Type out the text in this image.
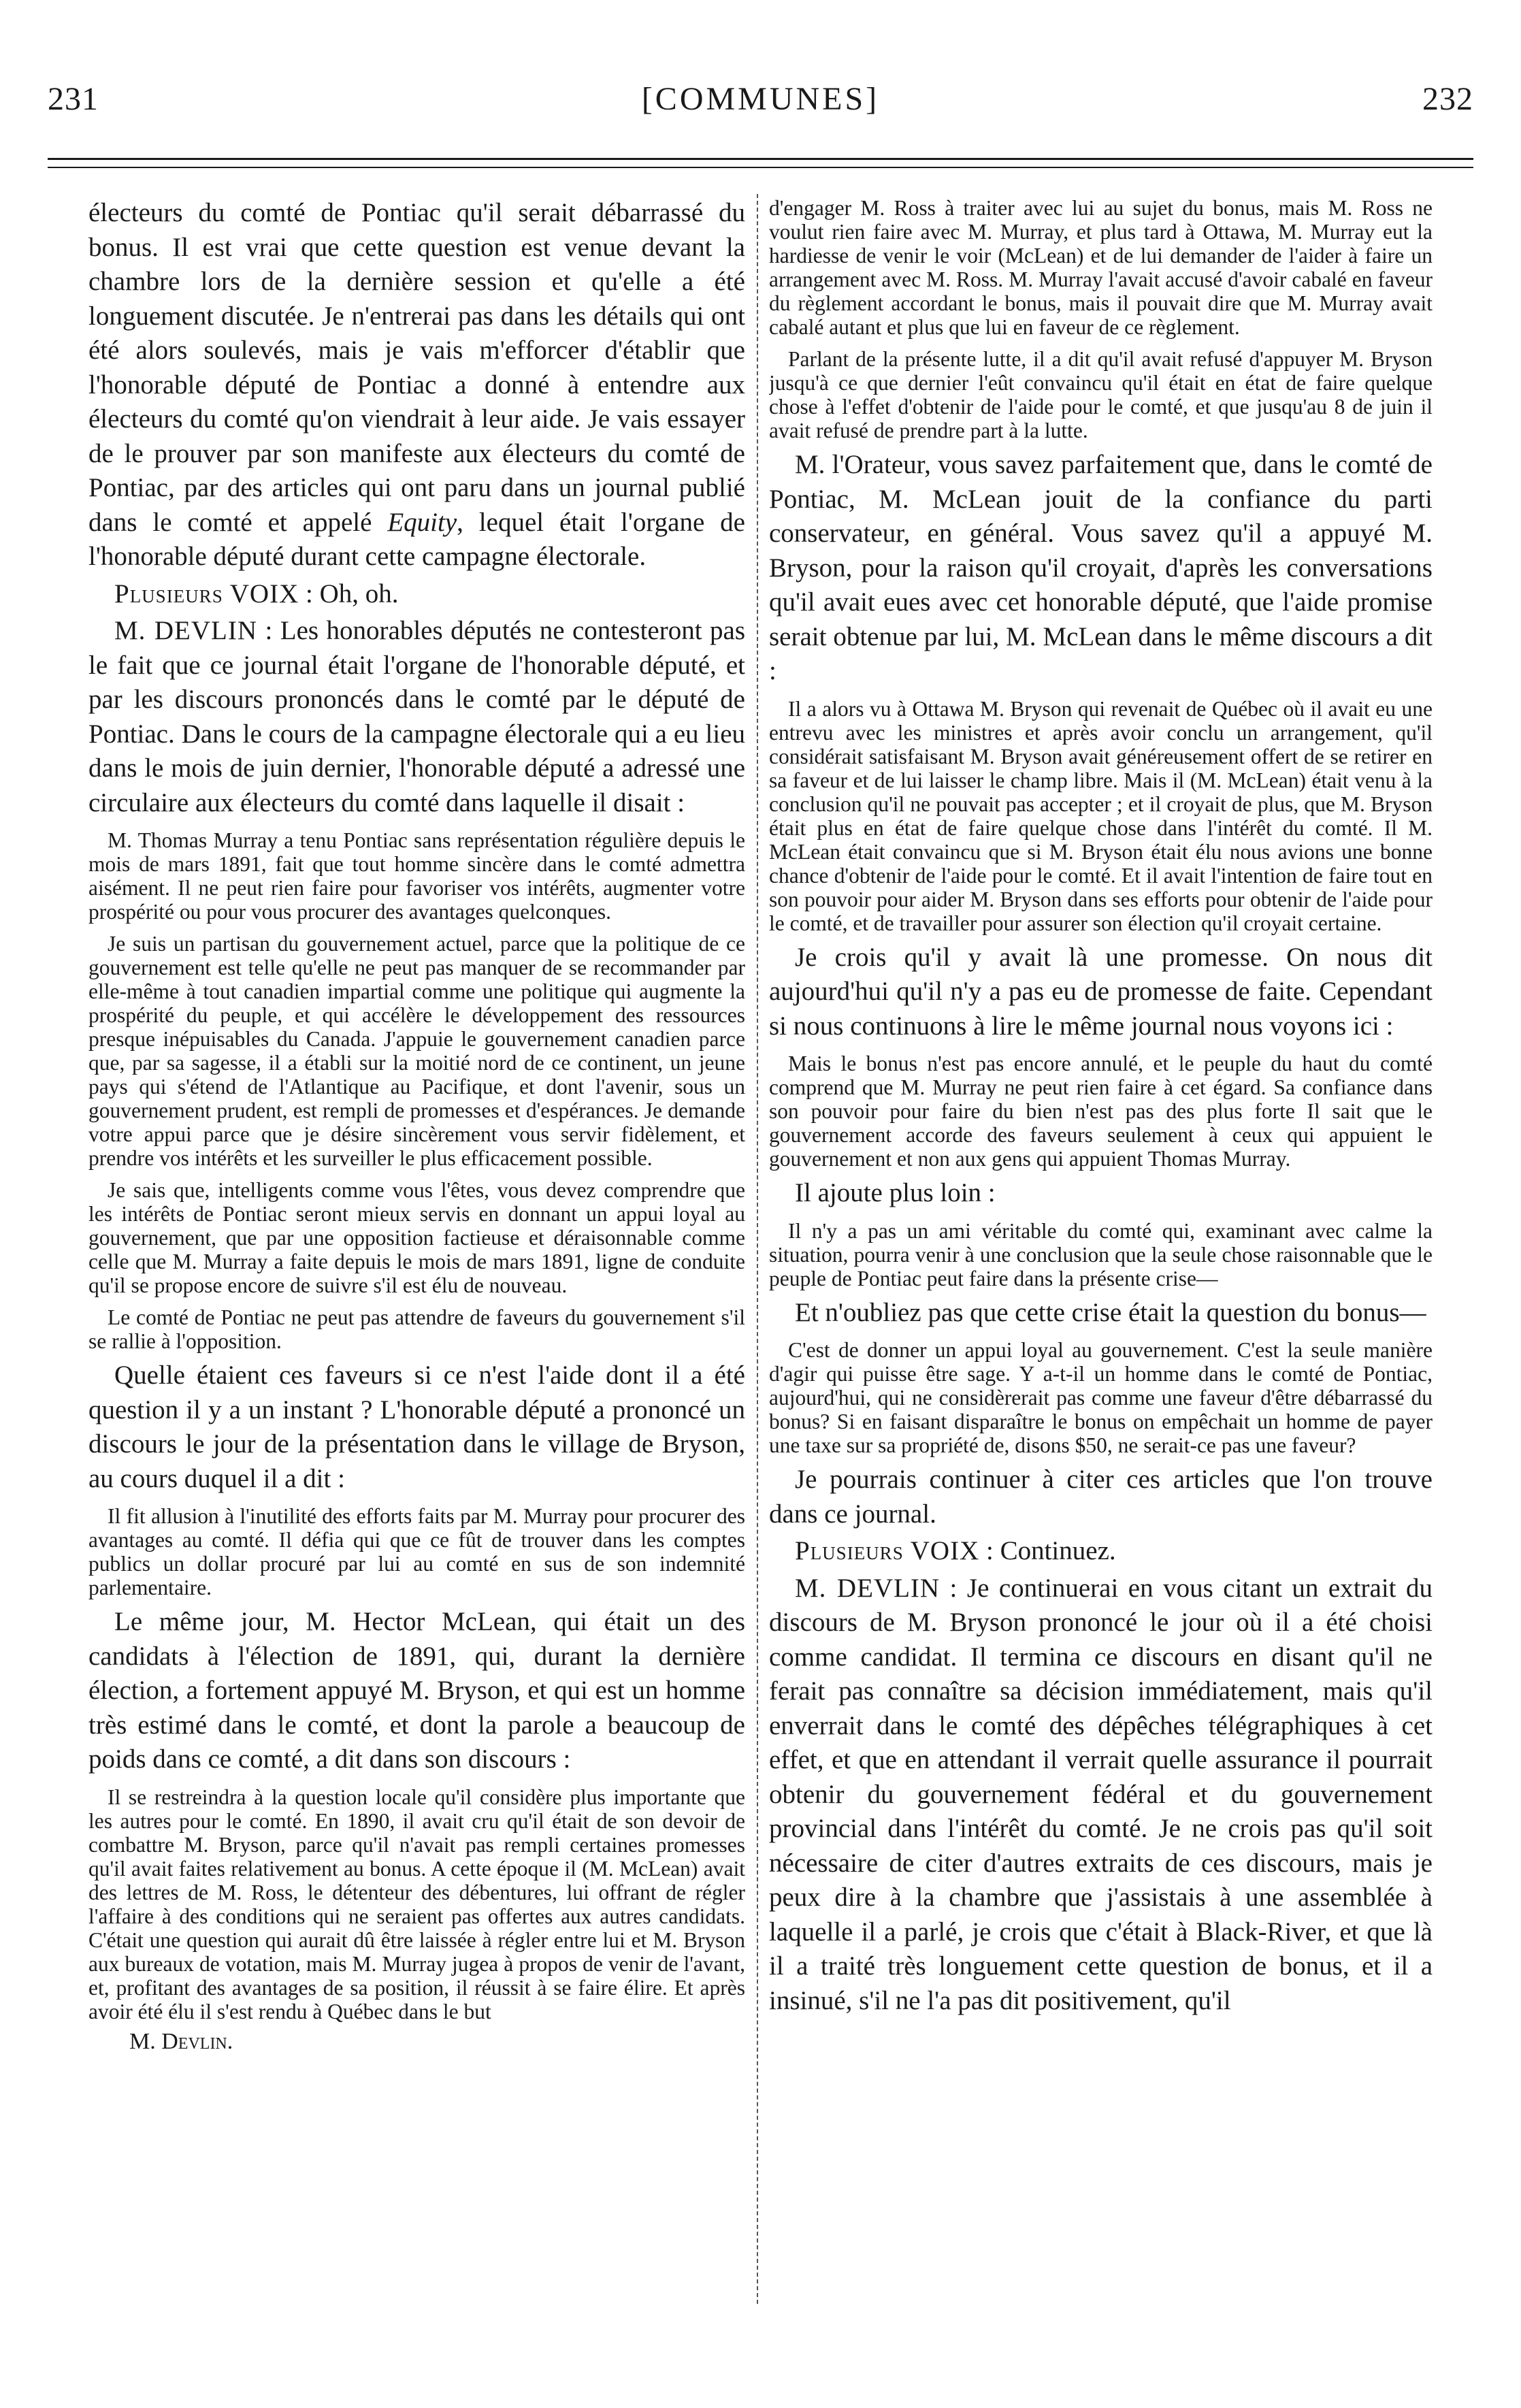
231	[COMMUNES]	232

électeurs du comté de Pontiac qu'il serait débarrassé du bonus. Il est vrai que cette question est venue devant la chambre lors de la dernière session et qu'elle a été longuement discutée. Je n'entrerai pas dans les détails qui ont été alors soulevés, mais je vais m'efforcer d'établir que l'honorable député de Pontiac a donné à entendre aux électeurs du comté qu'on viendrait à leur aide. Je vais essayer de le prouver par son manifeste aux électeurs du comté de Pontiac, par des articles qui ont paru dans un journal publié dans le comté et appelé Equity, lequel était l'organe de l'honorable député durant cette campagne électorale.

Plusieurs VOIX : Oh, oh.

M. DEVLIN : Les honorables députés ne contesteront pas le fait que ce journal était l'organe de l'honorable député, et par les discours prononcés dans le comté par le député de Pontiac. Dans le cours de la campagne électorale qui a eu lieu dans le mois de juin dernier, l'honorable député a adressé une circulaire aux électeurs du comté dans laquelle il disait :

M. Thomas Murray a tenu Pontiac sans représentation régulière depuis le mois de mars 1891, fait que tout homme sincère dans le comté admettra aisément. Il ne peut rien faire pour favoriser vos intérêts, augmenter votre prospérité ou pour vous procurer des avantages quelconques.

Je suis un partisan du gouvernement actuel, parce que la politique de ce gouvernement est telle qu'elle ne peut pas manquer de se recommander par elle-même à tout canadien impartial comme une politique qui augmente la prospérité du peuple, et qui accélère le développement des ressources presque inépuisables du Canada. J'appuie le gouvernement canadien parce que, par sa sagesse, il a établi sur la moitié nord de ce continent, un jeune pays qui s'étend de l'Atlantique au Pacifique, et dont l'avenir, sous un gouvernement prudent, est rempli de promesses et d'espérances. Je demande votre appui parce que je désire sincèrement vous servir fidèlement, et prendre vos intérêts et les surveiller le plus efficacement possible.

Je sais que, intelligents comme vous l'êtes, vous devez comprendre que les intérêts de Pontiac seront mieux servis en donnant un appui loyal au gouvernement, que par une opposition factieuse et déraisonnable comme celle que M. Murray a faite depuis le mois de mars 1891, ligne de conduite qu'il se propose encore de suivre s'il est élu de nouveau.

Le comté de Pontiac ne peut pas attendre de faveurs du gouvernement s'il se rallie à l'opposition.

Quelle étaient ces faveurs si ce n'est l'aide dont il a été question il y a un instant ? L'honorable député a prononcé un discours le jour de la présentation dans le village de Bryson, au cours duquel il a dit :

Il fit allusion à l'inutilité des efforts faits par M. Murray pour procurer des avantages au comté. Il défia qui que ce fût de trouver dans les comptes publics un dollar procuré par lui au comté en sus de son indemnité parlementaire.

Le même jour, M. Hector McLean, qui était un des candidats à l'élection de 1891, qui, durant la dernière élection, a fortement appuyé M. Bryson, et qui est un homme très estimé dans le comté, et dont la parole a beaucoup de poids dans ce comté, a dit dans son discours :

Il se restreindra à la question locale qu'il considère plus importante que les autres pour le comté. En 1890, il avait cru qu'il était de son devoir de combattre M. Bryson, parce qu'il n'avait pas rempli certaines promesses qu'il avait faites relativement au bonus. A cette époque il (M. McLean) avait des lettres de M. Ross, le détenteur des débentures, lui offrant de régler l'affaire à des conditions qui ne seraient pas offertes aux autres candidats. C'était une question qui aurait dû être laissée à régler entre lui et M. Bryson aux bureaux de votation, mais M. Murray jugea à propos de venir de l'avant, et, profitant des avantages de sa position, il réussit à se faire élire. Et après avoir été élu il s'est rendu à Québec dans le but

M. Devlin.

d'engager M. Ross à traiter avec lui au sujet du bonus, mais M. Ross ne voulut rien faire avec M. Murray, et plus tard à Ottawa, M. Murray eut la hardiesse de venir le voir (McLean) et de lui demander de l'aider à faire un arrangement avec M. Ross. M. Murray l'avait accusé d'avoir cabalé en faveur du règlement accordant le bonus, mais il pouvait dire que M. Murray avait cabalé autant et plus que lui en faveur de ce règlement.

Parlant de la présente lutte, il a dit qu'il avait refusé d'appuyer M. Bryson jusqu'à ce que dernier l'eût convaincu qu'il était en état de faire quelque chose à l'effet d'obtenir de l'aide pour le comté, et que jusqu'au 8 de juin il avait refusé de prendre part à la lutte.

M. l'Orateur, vous savez parfaitement que, dans le comté de Pontiac, M. McLean jouit de la confiance du parti conservateur, en général. Vous savez qu'il a appuyé M. Bryson, pour la raison qu'il croyait, d'après les conversations qu'il avait eues avec cet honorable député, que l'aide promise serait obtenue par lui, M. McLean dans le même discours a dit :

Il a alors vu à Ottawa M. Bryson qui revenait de Québec où il avait eu une entrevu avec les ministres et après avoir conclu un arrangement, qu'il considérait satisfaisant M. Bryson avait généreusement offert de se retirer en sa faveur et de lui laisser le champ libre. Mais il (M. McLean) était venu à la conclusion qu'il ne pouvait pas accepter ; et il croyait de plus, que M. Bryson était plus en état de faire quelque chose dans l'intérêt du comté. Il M. McLean était convaincu que si M. Bryson était élu nous avions une bonne chance d'obtenir de l'aide pour le comté. Et il avait l'intention de faire tout en son pouvoir pour aider M. Bryson dans ses efforts pour obtenir de l'aide pour le comté, et de travailler pour assurer son élection qu'il croyait certaine.

Je crois qu'il y avait là une promesse. On nous dit aujourd'hui qu'il n'y a pas eu de promesse de faite. Cependant si nous continuons à lire le même journal nous voyons ici :

Mais le bonus n'est pas encore annulé, et le peuple du haut du comté comprend que M. Murray ne peut rien faire à cet égard. Sa confiance dans son pouvoir pour faire du bien n'est pas des plus forte Il sait que le gouvernement accorde des faveurs seulement à ceux qui appuient le gouvernement et non aux gens qui appuient Thomas Murray.

Il ajoute plus loin :

Il n'y a pas un ami véritable du comté qui, examinant avec calme la situation, pourra venir à une conclusion que la seule chose raisonnable que le peuple de Pontiac peut faire dans la présente crise—

Et n'oubliez pas que cette crise était la question du bonus—

C'est de donner un appui loyal au gouvernement. C'est la seule manière d'agir qui puisse être sage. Y a-t-il un homme dans le comté de Pontiac, aujourd'hui, qui ne considèrerait pas comme une faveur d'être débarrassé du bonus? Si en faisant disparaître le bonus on empêchait un homme de payer une taxe sur sa propriété de, disons $50, ne serait-ce pas une faveur?

Je pourrais continuer à citer ces articles que l'on trouve dans ce journal.

Plusieurs VOIX : Continuez.

M. DEVLIN : Je continuerai en vous citant un extrait du discours de M. Bryson prononcé le jour où il a été choisi comme candidat. Il termina ce discours en disant qu'il ne ferait pas connaître sa décision immédiatement, mais qu'il enverrait dans le comté des dépêches télégraphiques à cet effet, et que en attendant il verrait quelle assurance il pourrait obtenir du gouvernement fédéral et du gouvernement provincial dans l'intérêt du comté. Je ne crois pas qu'il soit nécessaire de citer d'autres extraits de ces discours, mais je peux dire à la chambre que j'assistais à une assemblée à laquelle il a parlé, je crois que c'était à Black-River, et que là il a traité très longuement cette question de bonus, et il a insinué, s'il ne l'a pas dit positivement, qu'il
